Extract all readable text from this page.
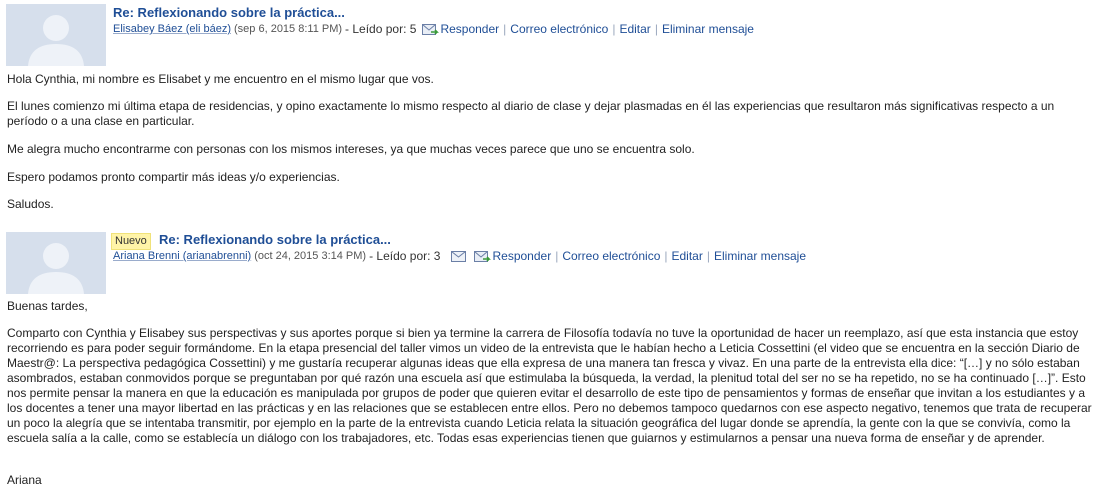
Re: Reflexionando sobre la práctica...
Elisabey Báez (eli báez) (sep 6, 2015 8:11 PM) - Leído por: 5 Responder | Correo electrónico | Editar | Eliminar mensaje

Hola Cynthia, mi nombre es Elisabet y me encuentro en el mismo lugar que vos.

El lunes comienzo mi última etapa de residencias, y opino exactamente lo mismo respecto al diario de clase y dejar plasmadas en él las experiencias que resultaron más significativas respecto a un período o a una clase en particular.

Me alegra mucho encontrarme con personas con los mismos intereses, ya que muchas veces parece que uno se encuentra solo.

Espero podamos pronto compartir más ideas y/o experiencias.

Saludos.

Nuevo Re: Reflexionando sobre la práctica...
Ariana Brenni (arianabrenni) (oct 24, 2015 3:14 PM) - Leído por: 3	Responder | Correo electrónico | Editar | Eliminar mensaje

Buenas tardes,

Comparto con Cynthia y Elisabey sus perspectivas y sus aportes porque si bien ya termine la carrera de Filosofía todavía no tuve la oportunidad de hacer un reemplazo, así que esta instancia que estoy recorriendo es para poder seguir formándome. En la etapa presencial del taller vimos un video de la entrevista que le habían hecho a Leticia Cossettini (el video que se encuentra en la sección Diario de Maestr@: La perspectiva pedagógica Cossettini) y me gustaría recuperar algunas ideas que ella expresa de una manera tan fresca y vivaz. En una parte de la entrevista ella dice: “[…] y no sólo estaban asombrados, estaban conmovidos porque se preguntaban por qué razón una escuela así que estimulaba la búsqueda, la verdad, la plenitud total del ser no se ha repetido, no se ha continuado […]”. Esto nos permite pensar la manera en que la educación es manipulada por grupos de poder que quieren evitar el desarrollo de este tipo de pensamientos y formas de enseñar que invitan a los estudiantes y a los docentes a tener una mayor libertad en las prácticas y en las relaciones que se establecen entre ellos. Pero no debemos tampoco quedarnos con ese aspecto negativo, tenemos que trata de recuperar un poco la alegría que se intentaba transmitir, por ejemplo en la parte de la entrevista cuando Leticia relata la situación geográfica del lugar donde se aprendía, la gente con la que se convivía, como la escuela salía a la calle, como se establecía un diálogo con los trabajadores, etc. Todas esas experiencias tienen que guiarnos y estimularnos a pensar una nueva forma de enseñar y de aprender.

Ariana
